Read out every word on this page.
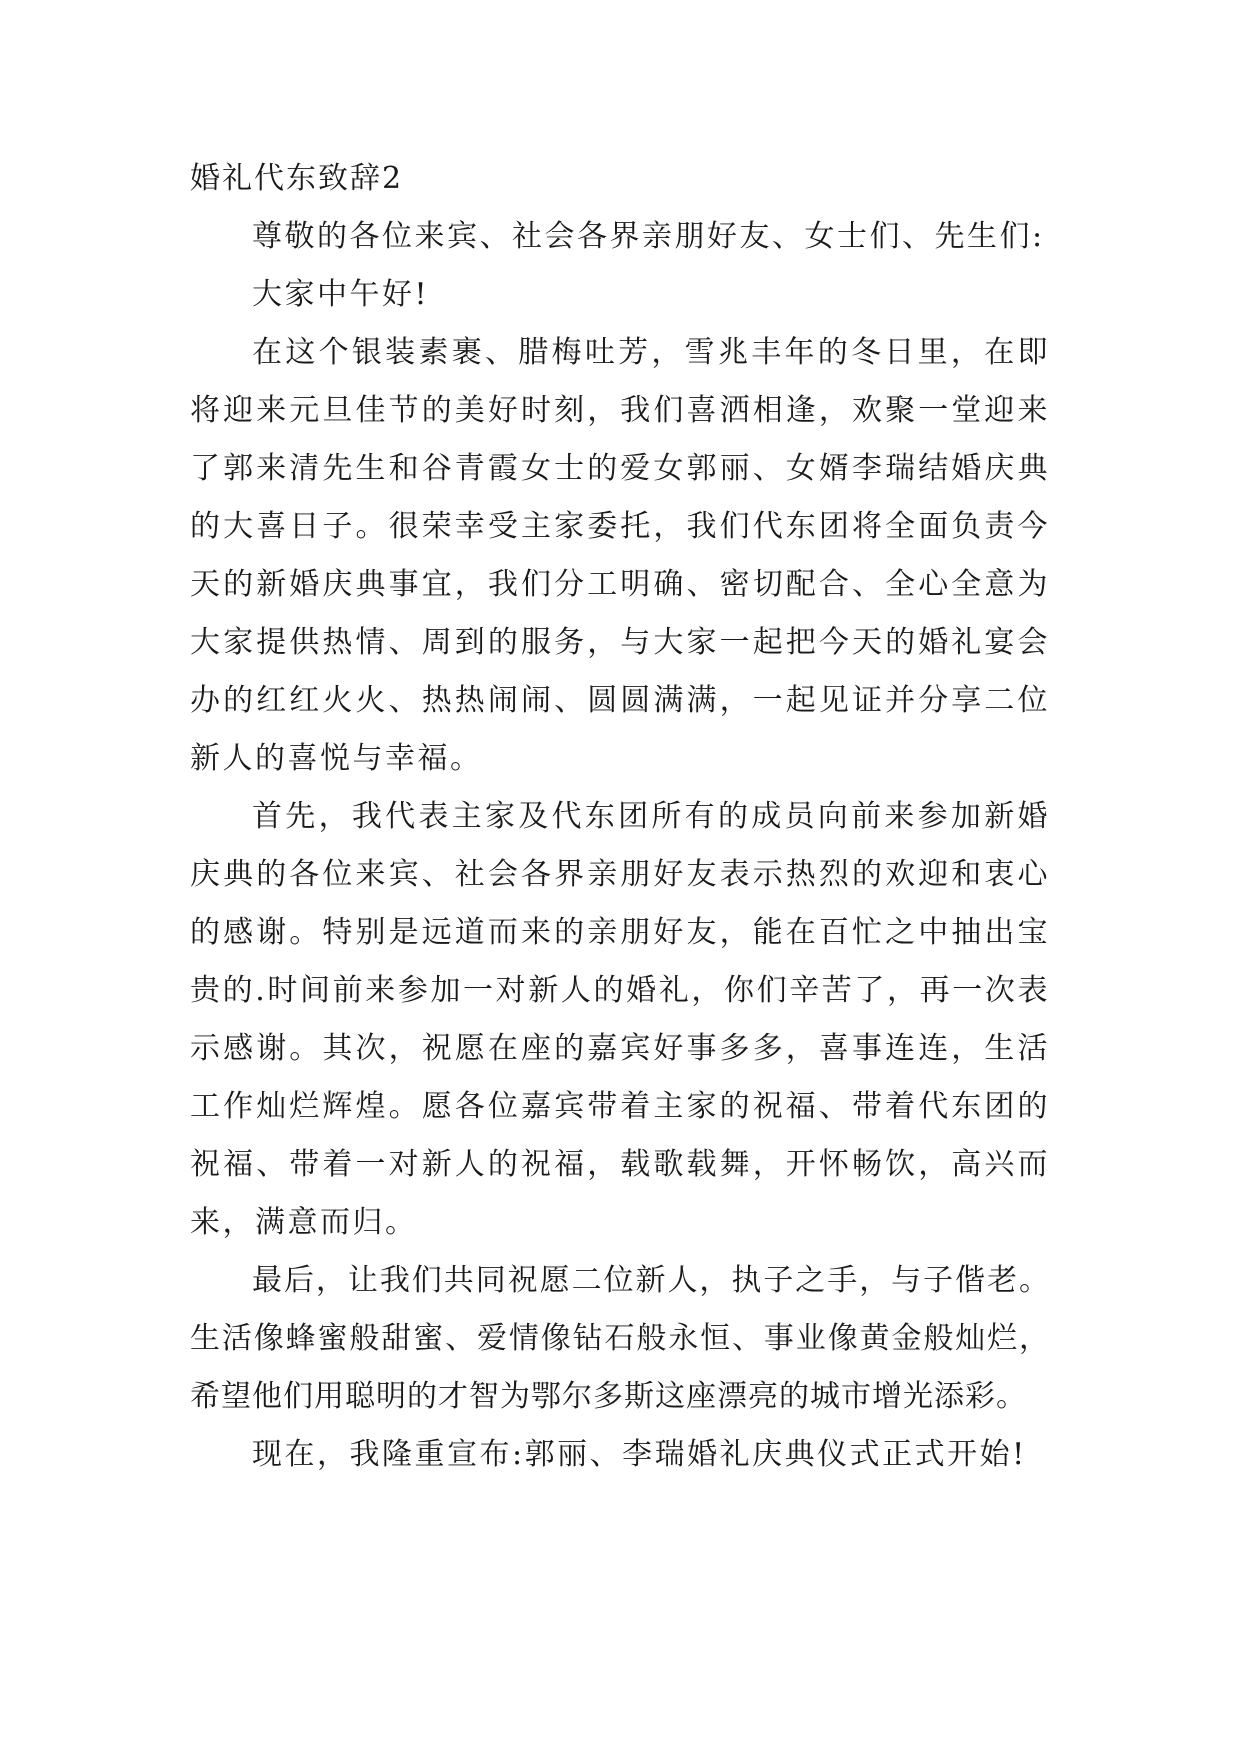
婚礼代东致辞2

尊敬的各位来宾、社会各界亲朋好友、女士们、先生们:

大家中午好!

在这个银装素裹、腊梅吐芳，雪兆丰年的冬日里，在即将迎来元旦佳节的美好时刻，我们喜洒相逢，欢聚一堂迎来了郭来清先生和谷青霞女士的爱女郭丽、女婿李瑞结婚庆典的大喜日子。很荣幸受主家委托，我们代东团将全面负责今天的新婚庆典事宜，我们分工明确、密切配合、全心全意为大家提供热情、周到的服务，与大家一起把今天的婚礼宴会办的红红火火、热热闹闹、圆圆满满，一起见证并分享二位新人的喜悦与幸福。

首先，我代表主家及代东团所有的成员向前来参加新婚庆典的各位来宾、社会各界亲朋好友表示热烈的欢迎和衷心的感谢。特别是远道而来的亲朋好友，能在百忙之中抽出宝贵的.时间前来参加一对新人的婚礼，你们辛苦了，再一次表示感谢。其次，祝愿在座的嘉宾好事多多，喜事连连，生活工作灿烂辉煌。愿各位嘉宾带着主家的祝福、带着代东团的祝福、带着一对新人的祝福，载歌载舞，开怀畅饮，高兴而来，满意而归。

最后，让我们共同祝愿二位新人，执子之手，与子偕老。生活像蜂蜜般甜蜜、爱情像钻石般永恒、事业像黄金般灿烂，希望他们用聪明的才智为鄂尔多斯这座漂亮的城市增光添彩。

现在，我隆重宣布:郭丽、李瑞婚礼庆典仪式正式开始!
